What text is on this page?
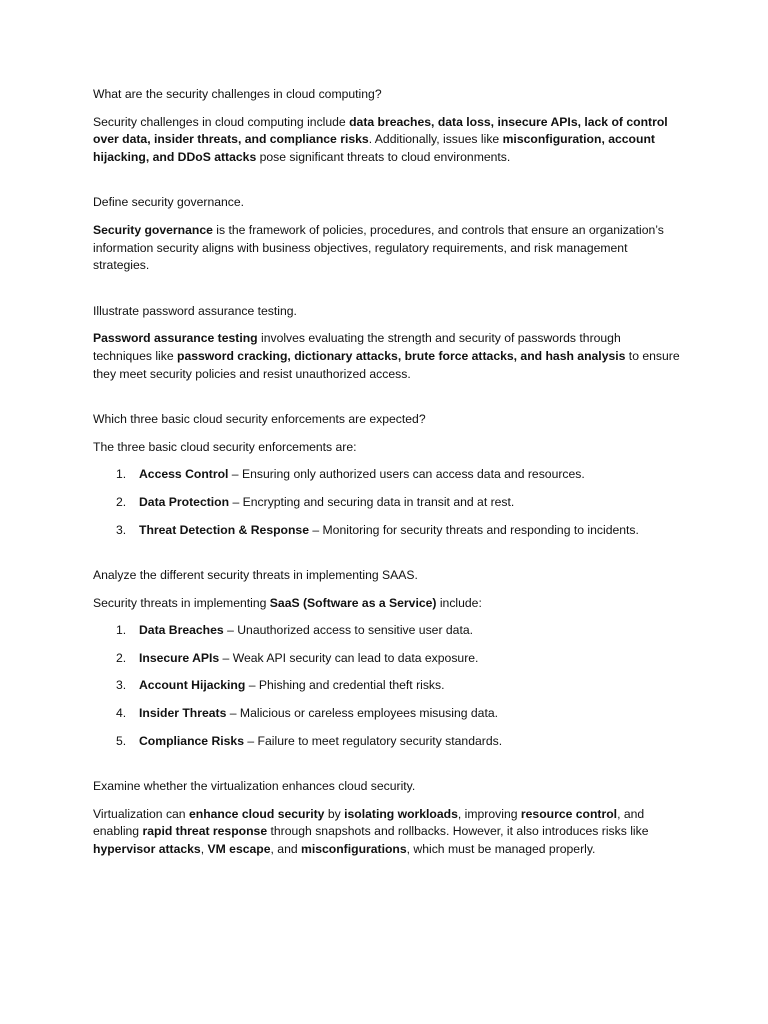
What are the security challenges in cloud computing?

Security challenges in cloud computing include data breaches, data loss, insecure APIs, lack of control over data, insider threats, and compliance risks. Additionally, issues like misconfiguration, account hijacking, and DDoS attacks pose significant threats to cloud environments.

Define security governance.

Security governance is the framework of policies, procedures, and controls that ensure an organization’s information security aligns with business objectives, regulatory requirements, and risk management strategies.

Illustrate password assurance testing.

Password assurance testing involves evaluating the strength and security of passwords through techniques like password cracking, dictionary attacks, brute force attacks, and hash analysis to ensure they meet security policies and resist unauthorized access.

Which three basic cloud security enforcements are expected?

The three basic cloud security enforcements are:

1. Access Control – Ensuring only authorized users can access data and resources.
2. Data Protection – Encrypting and securing data in transit and at rest.
3. Threat Detection & Response – Monitoring for security threats and responding to incidents.

Analyze the different security threats in implementing SAAS.

Security threats in implementing SaaS (Software as a Service) include:

1. Data Breaches – Unauthorized access to sensitive user data.
2. Insecure APIs – Weak API security can lead to data exposure.
3. Account Hijacking – Phishing and credential theft risks.
4. Insider Threats – Malicious or careless employees misusing data.
5. Compliance Risks – Failure to meet regulatory security standards.

Examine whether the virtualization enhances cloud security.

Virtualization can enhance cloud security by isolating workloads, improving resource control, and enabling rapid threat response through snapshots and rollbacks. However, it also introduces risks like hypervisor attacks, VM escape, and misconfigurations, which must be managed properly.
